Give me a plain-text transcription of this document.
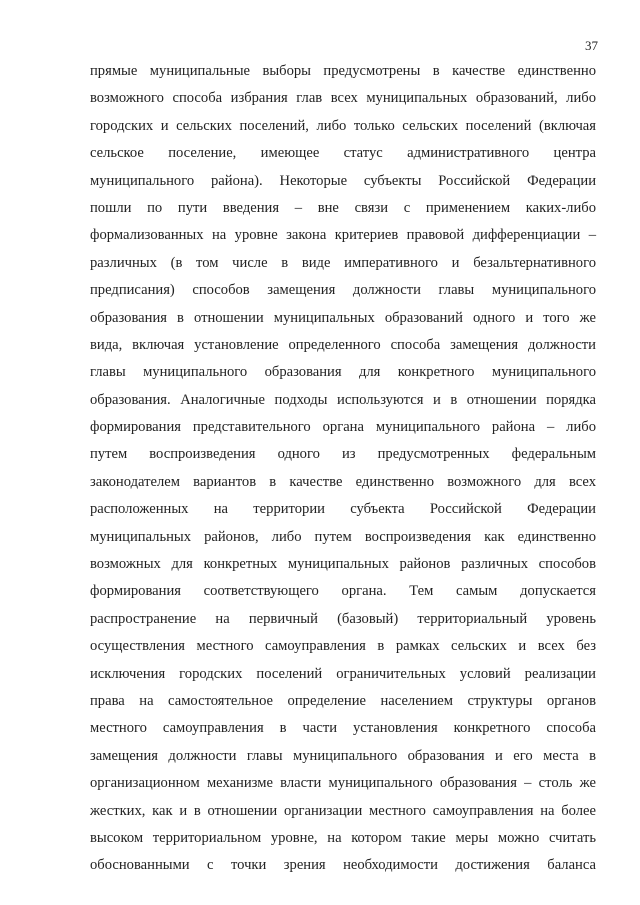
37
прямые муниципальные выборы предусмотрены в качестве единственно
возможного способа избрания глав всех муниципальных образований, либо
городских и сельских поселений, либо только сельских поселений (включая
сельское поселение, имеющее статус административного центра
муниципального района). Некоторые субъекты Российской Федерации
пошли по пути введения – вне связи с применением каких-либо
формализованных на уровне закона критериев правовой дифференциации –
различных (в том числе в виде императивного и безальтернативного
предписания) способов замещения должности главы муниципального
образования в отношении муниципальных образований одного и того же
вида, включая установление определенного способа замещения должности
главы муниципального образования для конкретного муниципального
образования. Аналогичные подходы используются и в отношении порядка
формирования представительного органа муниципального района – либо
путем воспроизведения одного из предусмотренных федеральным
законодателем вариантов в качестве единственно возможного для всех
расположенных на территории субъекта Российской Федерации
муниципальных районов, либо путем воспроизведения как единственно
возможных для конкретных муниципальных районов различных способов
формирования соответствующего органа. Тем самым допускается
распространение на первичный (базовый) территориальный уровень
осуществления местного самоуправления в рамках сельских и всех без
исключения городских поселений ограничительных условий реализации
права на самостоятельное определение населением структуры органов
местного самоуправления в части установления конкретного способа
замещения должности главы муниципального образования и его места в
организационном механизме власти муниципального образования – столь же
жестких, как и в отношении организации местного самоуправления на более
высоком территориальном уровне, на котором такие меры можно считать
обоснованными с точки зрения необходимости достижения баланса
